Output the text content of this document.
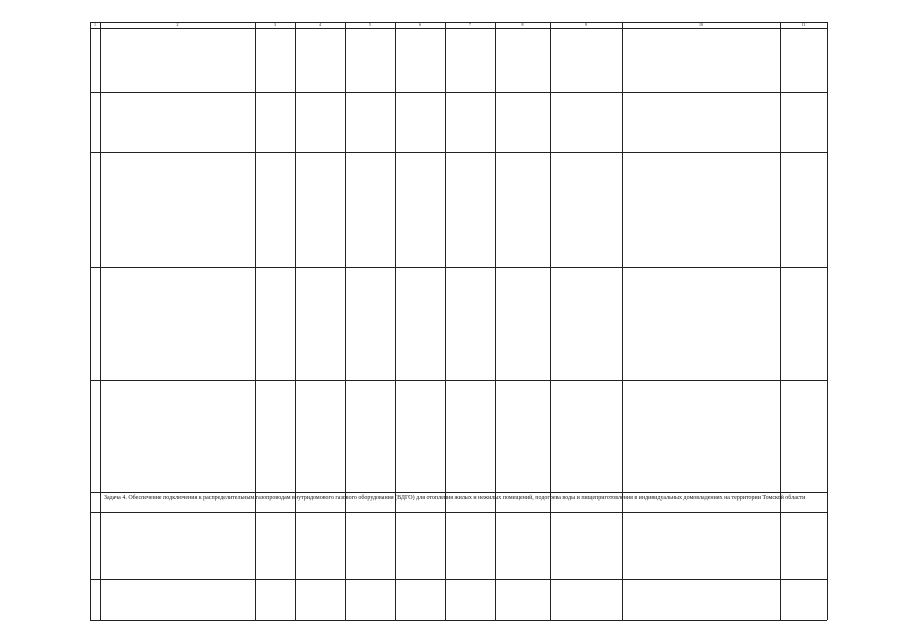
1	2	3	4	5	6	7	8	9	10	11
Задача 4. Обеспечение подключения к распределительным газопроводам внутридомового газового оборудования (ВДГО) для отопления жилых и нежилых помещений, подогрева воды и пищеприготовления в индивидуальных домовладениях на территории Томской области
